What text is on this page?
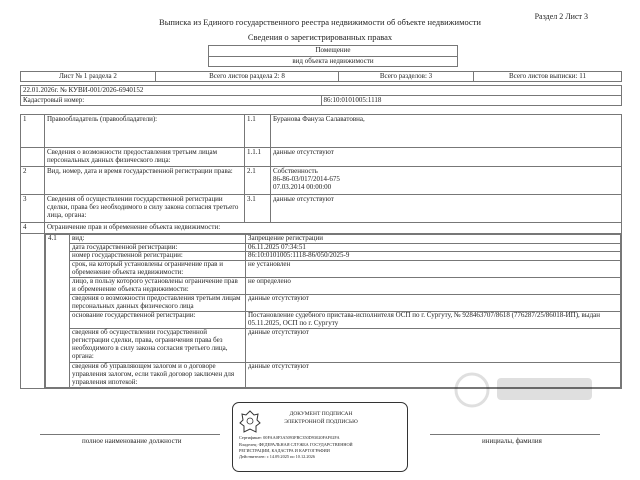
Раздел 2 Лист 3
Выписка из Единого государственного реестра недвижимости об объекте недвижимости
Сведения о зарегистрированных правах
Помещение
вид объекта недвижимости
Лист № 1 раздела 2	Всего листов раздела 2: 8	Всего разделов: 3	Всего листов выписки: 11
22.01.2026г. № КУВИ-001/2026-6940152
Кадастровый номер:	86:10:0101005:1118
1	Правообладатель (правообладатели):	1.1	Буранова Фануза Салаватовна,
	Сведения о возможности предоставления третьим лицам персональных данных физического лица:	1.1.1	данные отсутствуют
2	Вид, номер, дата и время государственной регистрации права:	2.1	Собственность
86-86-03/017/2014-675
07.03.2014 00:00:00

3	Сведения об осуществлении государственной регистрации сделки, права без необходимого в силу закона согласия третьего лица, органа:	3.1	данные отсутствуют
4	Ограничение прав и обременение объекта недвижимости:

4.1	вид:	Запрещение регистрации
дата государственной регистрации:	06.11.2025 07:34:51
номер государственной регистрации:	86:10:0101005:1118-86/050/2025-9
срок, на который установлены ограничение прав и обременение объекта недвижимости:	не установлен
лицо, в пользу которого установлены ограничение прав и обременение объекта недвижимости:	не определено
сведения о возможности предоставления третьим лицам персональных данных физического лица	данные отсутствуют
основание государственной регистрации:	Постановление судебного пристава-исполнителя ОСП по г. Сургуту, № 928463707/8618 (776287/25/86018-ИП), выдан 05.11.2025, ОСП по г. Сургуту
сведения об осуществлении государственной регистрации сделки, права, ограничения права без необходимого в силу закона согласия третьего лица, органа:	данные отсутствуют
сведения об управляющем залогом и о договоре управления залогом, если такой договор заключен для управления ипотекой:	данные отсутствуют
полное наименование должности	инициалы, фамилия
ДОКУМЕНТ ПОДПИСАН
ЭЛЕКТРОННОЙ ПОДПИСЬЮ
Сертификат: 00FAA0F3A5093FBC350D93020FAF02FA
Владелец: ФЕДЕРАЛЬНАЯ СЛУЖБА ГОСУДАРСТВЕННОЙ
РЕГИСТРАЦИИ, КАДАСТРА И КАРТОГРАФИИ
Действителен: с 14.09.2025 по 10.12.2026
